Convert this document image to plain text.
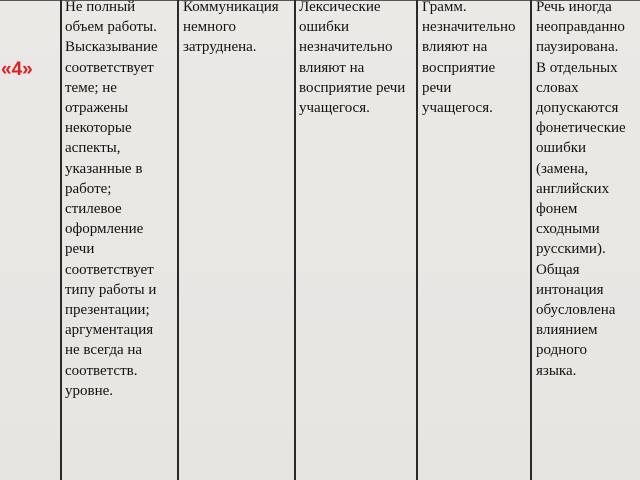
«4»
Не полный
объем работы.
Высказывание
соответствует
теме; не
отражены
некоторые
аспекты,
указанные в
работе;
стилевое
оформление
речи
соответствует
типу работы и
презентации;
аргументация
не всегда на
соответств.
уровне.
Коммуникация
немного
затруднена.
Лексические
ошибки
незначительно
влияют на
восприятие речи
учащегося.
Грамм.
незначительно
влияют на
восприятие
речи
учащегося.
Речь иногда
неоправданно
паузирована.
В отдельных
словах
допускаются
фонетические
ошибки
(замена,
английских
фонем
сходными
русскими).
Общая
интонация
обусловлена
влиянием
родного
языка.
